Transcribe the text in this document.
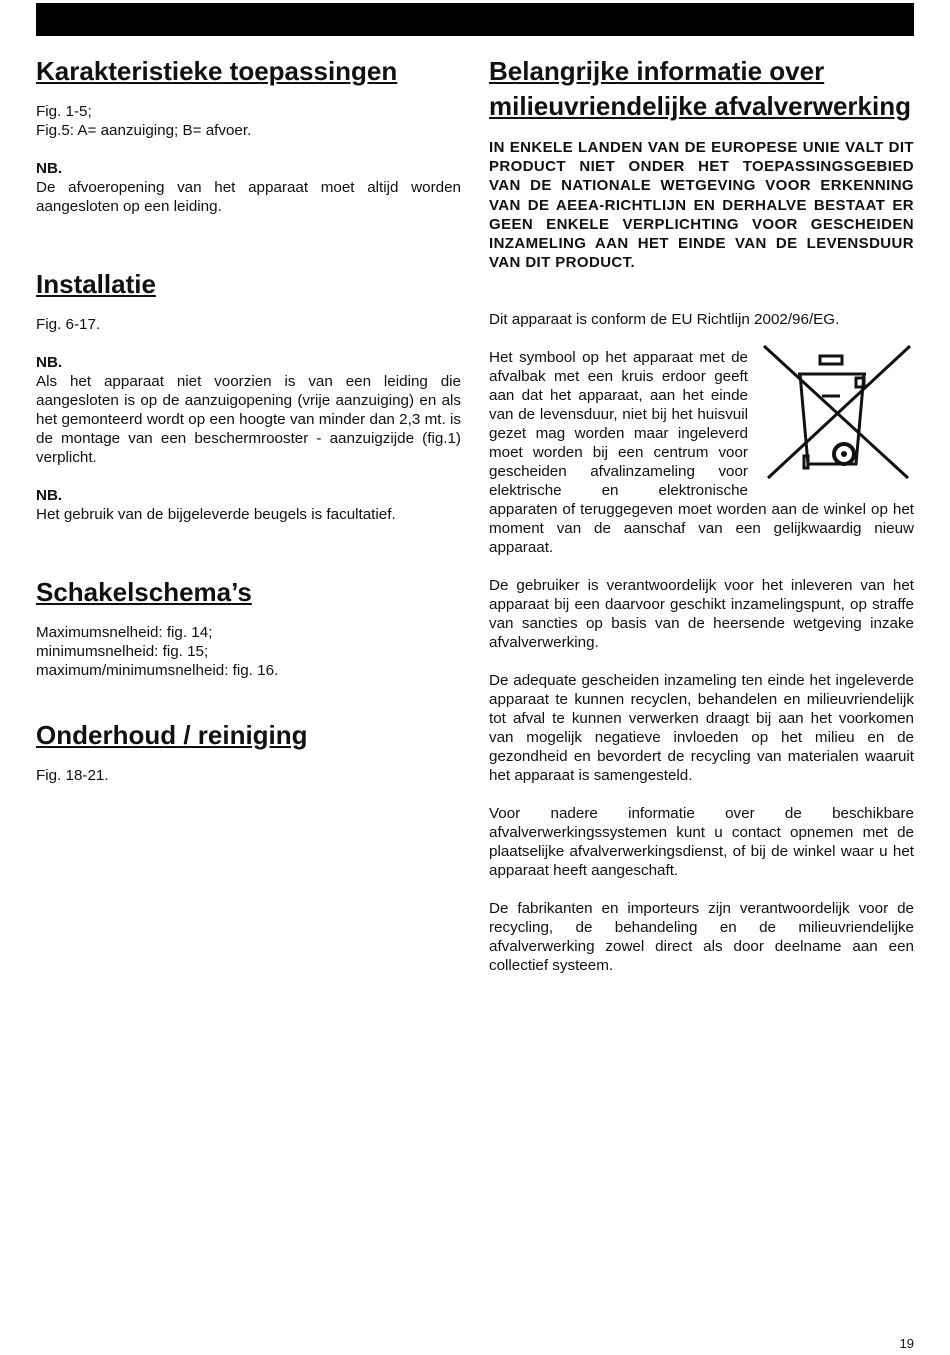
Karakteristieke toepassingen

Fig. 1-5;

Fig.5: A= aanzuiging; B= afvoer.

NB.

De afvoeropening van het apparaat moet altijd worden aangesloten op een leiding.

Installatie

Fig. 6-17.

NB.

Als het apparaat niet voorzien is van een leiding die aangesloten is op de aanzuigopening (vrije aanzuiging) en als het gemonteerd wordt op een hoogte van minder dan 2,3 mt. is de montage van een beschermrooster - aanzuigzijde (fig.1) verplicht.

NB.

Het gebruik van de bijgeleverde beugels is facultatief.

Schakelschema’s

Maximumsnelheid: fig. 14;

minimumsnelheid: fig. 15;

maximum/minimumsnelheid: fig. 16.

Onderhoud / reiniging

Fig. 18-21.

Belangrijke informatie over milieuvriendelijke afvalverwerking

IN ENKELE LANDEN VAN DE EUROPESE UNIE VALT DIT PRODUCT NIET ONDER HET TOEPASSINGSGEBIED VAN DE NATIONALE WETGEVING VOOR ERKENNING VAN DE AEEA-RICHTLIJN EN DERHALVE BESTAAT ER GEEN ENKELE VERPLICHTING VOOR GESCHEIDEN INZAMELING AAN HET EINDE VAN DE LEVENSDUUR VAN DIT PRODUCT.

Dit apparaat is conform de EU Richtlijn 2002/96/EG.

Het symbool op het apparaat met de afvalbak met een kruis erdoor geeft aan dat het apparaat, aan het einde van de levensduur, niet bij het huisvuil gezet mag worden maar ingeleverd moet worden bij een centrum voor gescheiden afvalinzameling voor elektrische en elektronische apparaten of teruggegeven moet worden aan de winkel op het moment van de aanschaf van een gelijkwaardig nieuw apparaat.

De gebruiker is verantwoordelijk voor het inleveren van het apparaat bij een daarvoor geschikt inzamelingspunt, op straffe van sancties op basis van de heersende wetgeving inzake afvalverwerking.

De adequate gescheiden inzameling ten einde het ingeleverde apparaat te kunnen recyclen, behandelen en milieuvriendelijk tot afval te kunnen verwerken draagt bij aan het voorkomen van mogelijk negatieve invloeden op het milieu en de gezondheid en bevordert de recycling van materialen waaruit het apparaat is samengesteld.

Voor nadere informatie over de beschikbare afvalverwerkingssystemen kunt u contact opnemen met de plaatselijke afvalverwerkingsdienst, of bij de winkel waar u het apparaat heeft aangeschaft.

De fabrikanten en importeurs zijn verantwoordelijk voor de recycling, de behandeling en de milieuvriendelijke afvalverwerking zowel direct als door deelname aan een collectief systeem.

19
